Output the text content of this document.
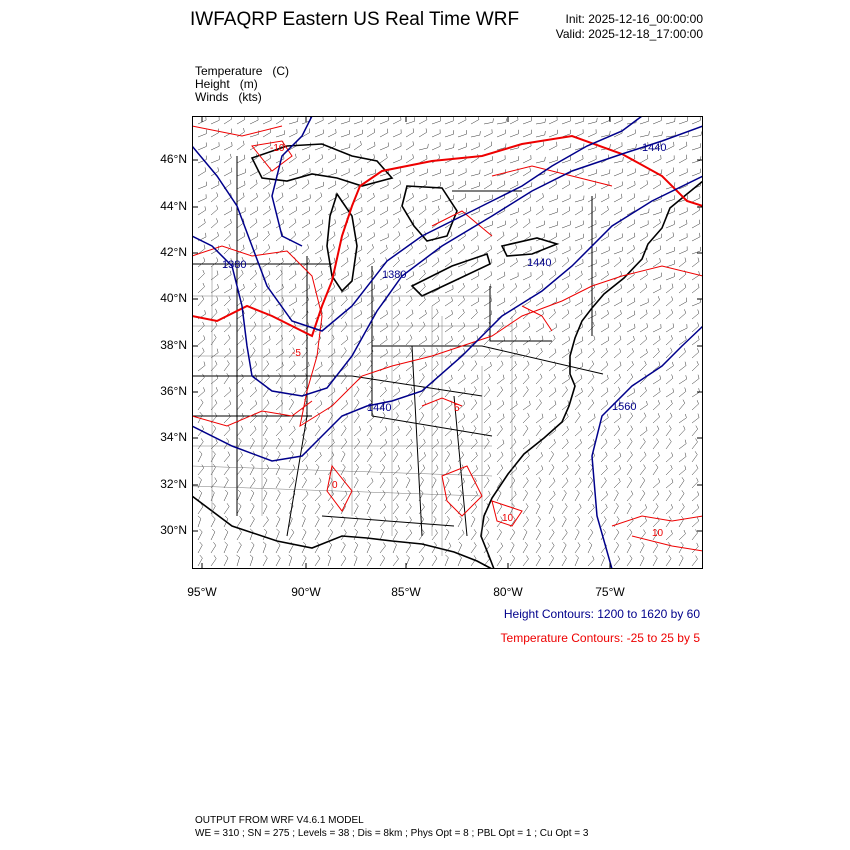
IWFAQRP Eastern US Real Time WRF	Init: 2025-12-16_00:00:00
Valid: 2025-12-18_17:00:00
Temperature (C)
Height (m)
Winds (kts)
1440
1440
1380
1380
1440	1560
-10
-5
0
5
10
10
46°N
44°N
42°N
40°N
38°N
36°N
34°N
32°N
30°N
95°W	90°W	85°W	80°W	75°W
Height Contours: 1200 to 1620 by 60
Temperature Contours: -25 to 25 by 5
OUTPUT FROM WRF V4.6.1 MODEL
WE = 310 ; SN = 275 ; Levels = 38 ; Dis = 8km ; Phys Opt = 8 ; PBL Opt = 1 ; Cu Opt = 3
